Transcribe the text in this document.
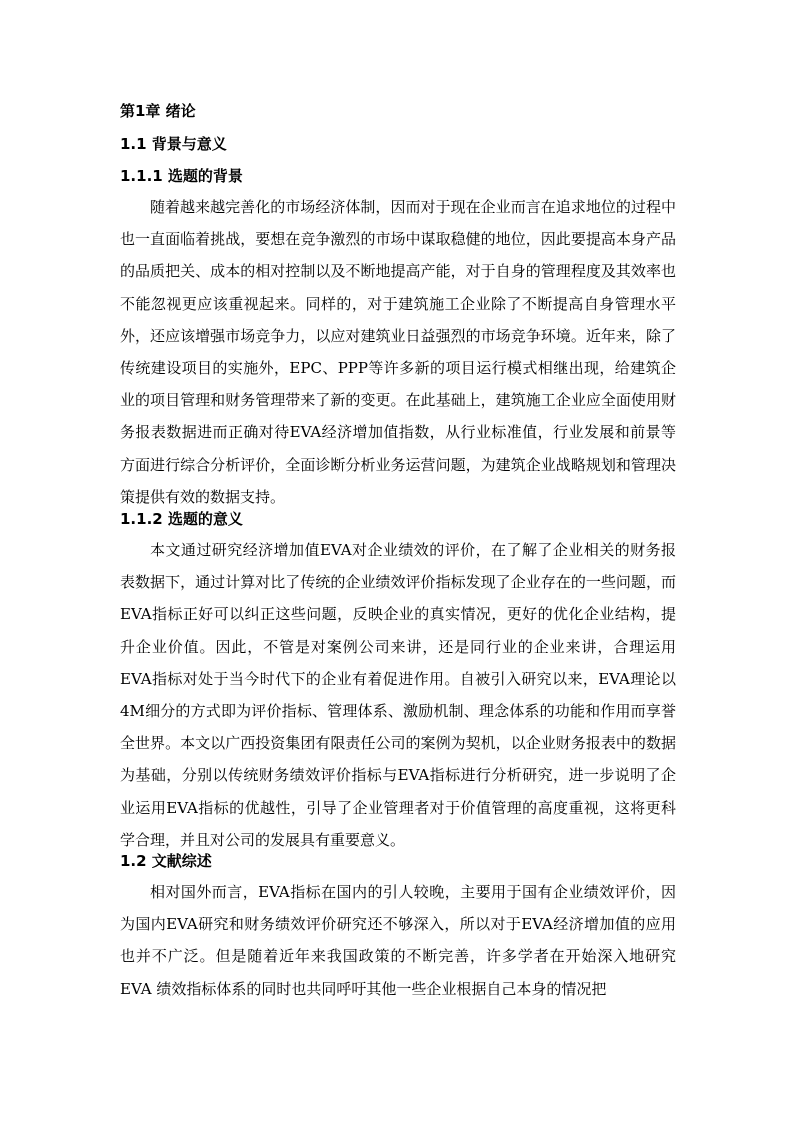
第1章 绪论
1.1 背景与意义
1.1.1 选题的背景

随着越来越完善化的市场经济体制，因而对于现在企业而言在追求地位的过程中也一直面临着挑战，要想在竞争激烈的市场中谋取稳健的地位，因此要提高本身产品的品质把关、成本的相对控制以及不断地提高产能，对于自身的管理程度及其效率也不能忽视更应该重视起来。同样的，对于建筑施工企业除了不断提高自身管理水平外，还应该增强市场竞争力，以应对建筑业日益强烈的市场竞争环境。近年来，除了传统建设项目的实施外，EPC、PPP等许多新的项目运行模式相继出现，给建筑企业的项目管理和财务管理带来了新的变更。在此基础上，建筑施工企业应全面使用财务报表数据进而正确对待EVA经济增加值指数，从行业标准值，行业发展和前景等方面进行综合分析评价，全面诊断分析业务运营问题，为建筑企业战略规划和管理决策提供有效的数据支持。

1.1.2 选题的意义

本文通过研究经济增加值EVA对企业绩效的评价，在了解了企业相关的财务报表数据下，通过计算对比了传统的企业绩效评价指标发现了企业存在的一些问题，而EVA指标正好可以纠正这些问题，反映企业的真实情况，更好的优化企业结构，提升企业价值。因此，不管是对案例公司来讲，还是同行业的企业来讲，合理运用EVA指标对处于当今时代下的企业有着促进作用。自被引入研究以来，EVA理论以4M细分的方式即为评价指标、管理体系、激励机制、理念体系的功能和作用而享誉全世界。本文以广西投资集团有限责任公司的案例为契机，以企业财务报表中的数据为基础，分别以传统财务绩效评价指标与EVA指标进行分析研究，进一步说明了企业运用EVA指标的优越性，引导了企业管理者对于价值管理的高度重视，这将更科学合理，并且对公司的发展具有重要意义。

1.2 文献综述

相对国外而言，EVA指标在国内的引人较晚，主要用于国有企业绩效评价，因为国内EVA研究和财务绩效评价研究还不够深入，所以对于EVA经济增加值的应用也并不广泛。但是随着近年来我国政策的不断完善，许多学者在开始深入地研究 EVA 绩效指标体系的同时也共同呼吁其他一些企业根据自己本身的情况把
